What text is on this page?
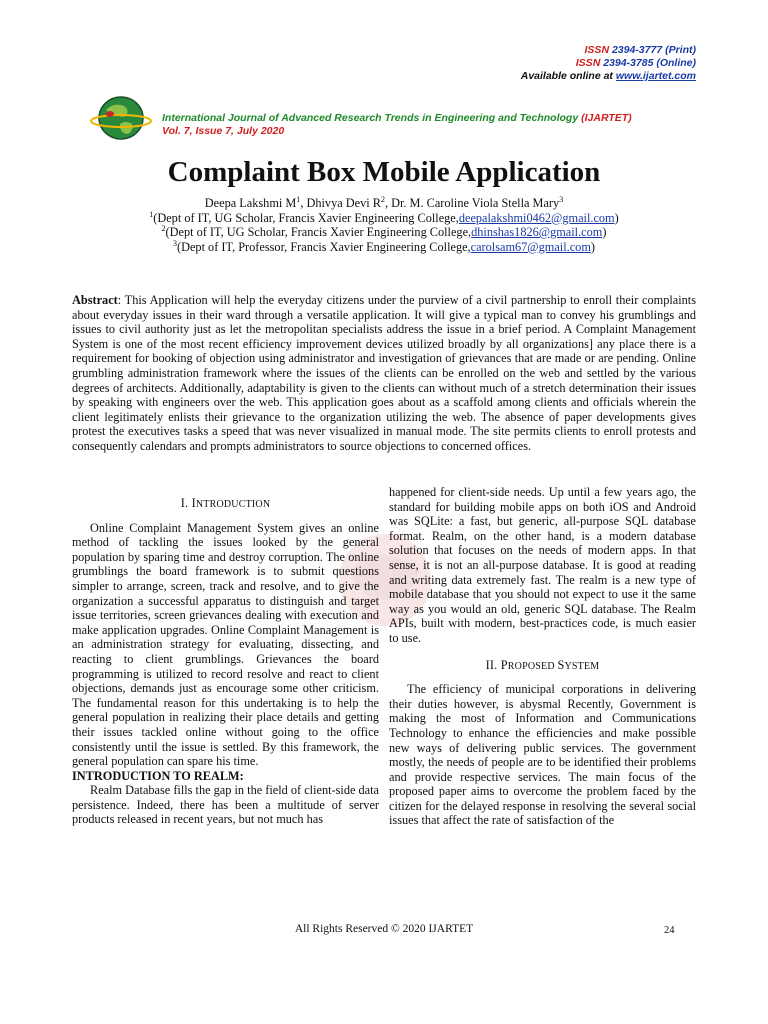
ISSN 2394-3777 (Print)
ISSN 2394-3785 (Online)
Available online at www.ijartet.com
International Journal of Advanced Research Trends in Engineering and Technology (IJARTET)
Vol. 7, Issue 7, July 2020
Complaint Box Mobile Application
Deepa Lakshmi $M^1$, Dhivya Devi $R^2$, Dr. M. Caroline Viola Stella Mary$^3$
$^1$(Dept of IT, UG Scholar, Francis Xavier Engineering College,deepalakshmi0462@gmail.com)
$^2$(Dept of IT, UG Scholar, Francis Xavier Engineering College,dhinshas1826@gmail.com)
$^3$(Dept of IT, Professor, Francis Xavier Engineering College,carolsam67@gmail.com)
Abstract: This Application will help the everyday citizens under the purview of a civil partnership to enroll their complaints about everyday issues in their ward through a versatile application. It will give a typical man to convey his grumblings and issues to civil authority just as let the metropolitan specialists address the issue in a brief period. A Complaint Management System is one of the most recent efficiency improvement devices utilized broadly by all organizations] any place there is a requirement for booking of objection using administrator and investigation of grievances that are made or are pending. Online grumbling administration framework where the issues of the clients can be enrolled on the web and settled by the various degrees of architects. Additionally, adaptability is given to the clients can without much of a stretch determination their issues by speaking with engineers over the web. This application goes about as a scaffold among clients and officials wherein the client legitimately enlists their grievance to the organization utilizing the web. The absence of paper developments gives protest the executives tasks a speed that was never visualized in manual mode. The site permits clients to enroll protests and consequently calendars and prompts administrators to source objections to concerned offices.
I. INTRODUCTION

Online Complaint Management System gives an online method of tackling the issues looked by the general population by sparing time and destroy corruption. The online grumblings the board framework is to submit questions simpler to arrange, screen, track and resolve, and to give the organization a successful apparatus to distinguish and target issue territories, screen grievances dealing with execution and make application upgrades. Online Complaint Management is an administration strategy for evaluating, dissecting, and reacting to client grumblings. Grievances the board programming is utilized to record resolve and react to client objections, demands just as encourage some other criticism. The fundamental reason for this undertaking is to help the general population in realizing their place details and getting their issues tackled online without going to the office consistently until the issue is settled. By this framework, the general population can spare his time.

INTRODUCTION TO REALM:

Realm Database fills the gap in the field of client-side data persistence. Indeed, there has been a multitude of server products released in recent years, but not much has

happened for client-side needs. Up until a few years ago, the standard for building mobile apps on both iOS and Android was SQLite: a fast, but generic, all-purpose SQL database format. Realm, on the other hand, is a modern database solution that focuses on the needs of modern apps. In that sense, it is not an all-purpose database. It is good at reading and writing data extremely fast. The realm is a new type of mobile database that you should not expect to use it the same way as you would an old, generic SQL database. The Realm APIs, built with modern, best-practices code, is much easier to use.

II. PROPOSED SYSTEM

The efficiency of municipal corporations in delivering their duties however, is abysmal Recently, Government is making the most of Information and Communications Technology to enhance the efficiencies and make possible new ways of delivering public services. The government mostly, the needs of people are to be identified their problems and provide respective services. The main focus of the proposed paper aims to overcome the problem faced by the citizen for the delayed response in resolving the several social issues that affect the rate of satisfaction of the

All Rights Reserved © 2020 IJARTET	24
